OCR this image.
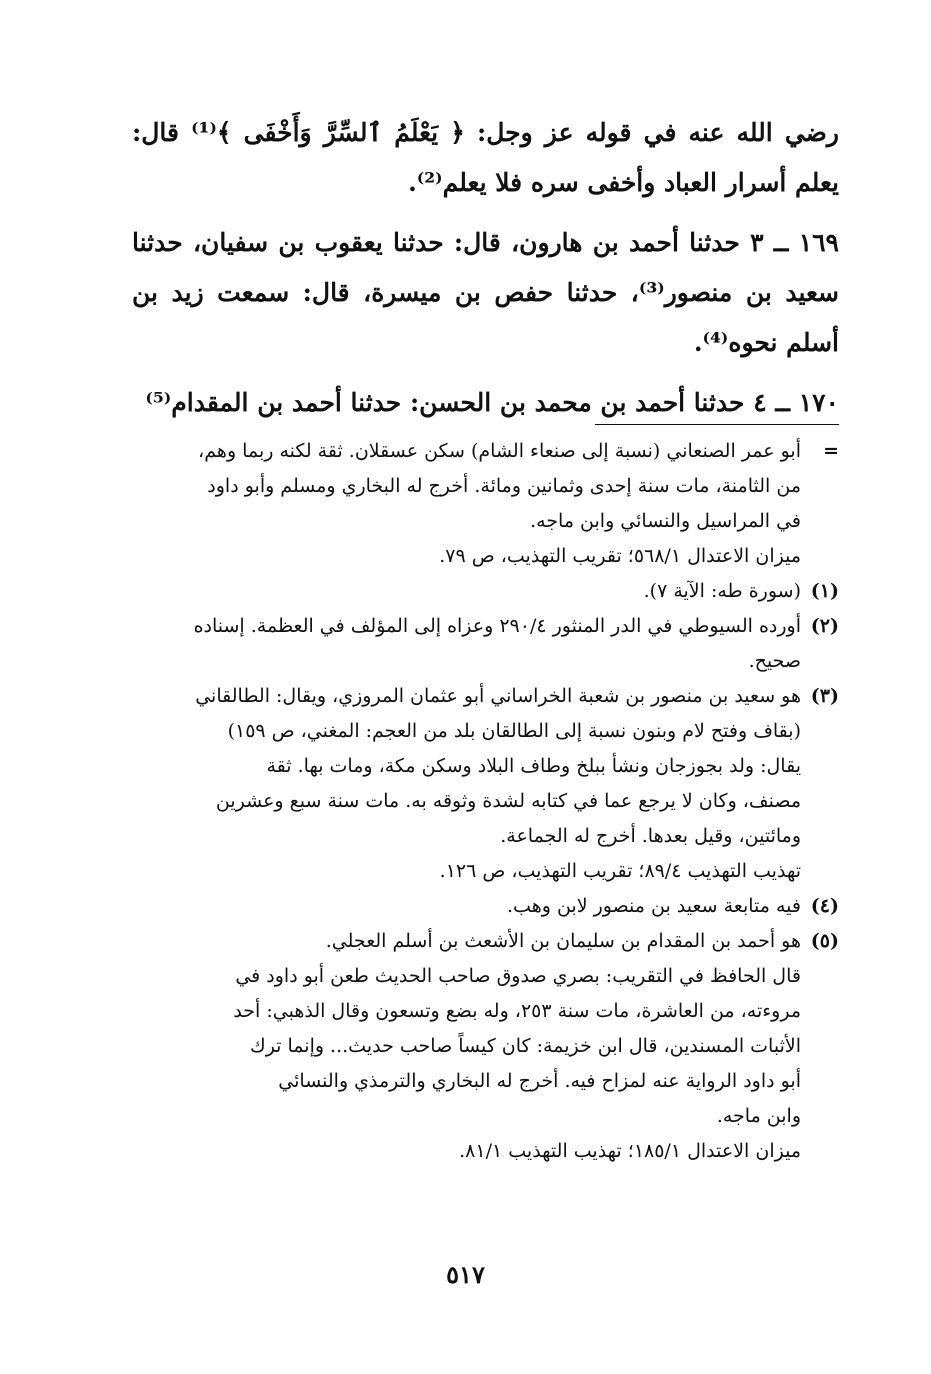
رضي الله عنه في قوله عز وجل: ﴿ يَعْلَمُ ٱلسِّرَّ وَأَخْفَى ﴾⁽¹⁾ قال: يعلم أسرار العباد وأخفى سره فلا يعلم⁽²⁾.

١٦٩ ــ ٣ حدثنا أحمد بن هارون، قال: حدثنا يعقوب بن سفيان، حدثنا سعيد بن منصور⁽³⁾، حدثنا حفص بن ميسرة، قال: سمعت زيد بن أسلم نحوه⁽⁴⁾.

١٧٠ ــ ٤ حدثنا أحمد بن محمد بن الحسن: حدثنا أحمد بن المقدام⁽⁵⁾

=
أبو عمر الصنعاني (نسبة إلى صنعاء الشام) سكن عسقلان. ثقة لكنه ربما وهم،
من الثامنة، مات سنة إحدى وثمانين ومائة. أخرج له البخاري ومسلم وأبو داود
في المراسيل والنسائي وابن ماجه.
ميزان الاعتدال ٥٦٨/١؛ تقريب التهذيب، ص ٧٩.
(١)
(سورة طه: الآية ٧).
(٢)
أورده السيوطي في الدر المنثور ٢٩٠/٤ وعزاه إلى المؤلف في العظمة. إسناده
صحيح.
(٣)
هو سعيد بن منصور بن شعبة الخراساني أبو عثمان المروزي، ويقال: الطالقاني
(بقاف وفتح لام وبنون نسبة إلى الطالقان بلد من العجم: المغني، ص ١٥٩)
يقال: ولد بجوزجان ونشأ ببلخ وطاف البلاد وسكن مكة، ومات بها. ثقة
مصنف، وكان لا يرجع عما في كتابه لشدة وثوقه به. مات سنة سبع وعشرين
ومائتين، وقيل بعدها. أخرج له الجماعة.
تهذيب التهذيب ٨٩/٤؛ تقريب التهذيب، ص ١٢٦.
(٤)
فيه متابعة سعيد بن منصور لابن وهب.
(٥)
هو أحمد بن المقدام بن سليمان بن الأشعث بن أسلم العجلي.
قال الحافظ في التقريب: بصري صدوق صاحب الحديث طعن أبو داود في
مروءته، من العاشرة، مات سنة ٢٥٣، وله بضع وتسعون وقال الذهبي: أحد
الأثبات المسندين، قال ابن خزيمة: كان كيساً صاحب حديث... وإنما ترك
أبو داود الرواية عنه لمزاح فيه. أخرج له البخاري والترمذي والنسائي
وابن ماجه.
ميزان الاعتدال ١٨٥/١؛ تهذيب التهذيب ٨١/١.
٥١٧
